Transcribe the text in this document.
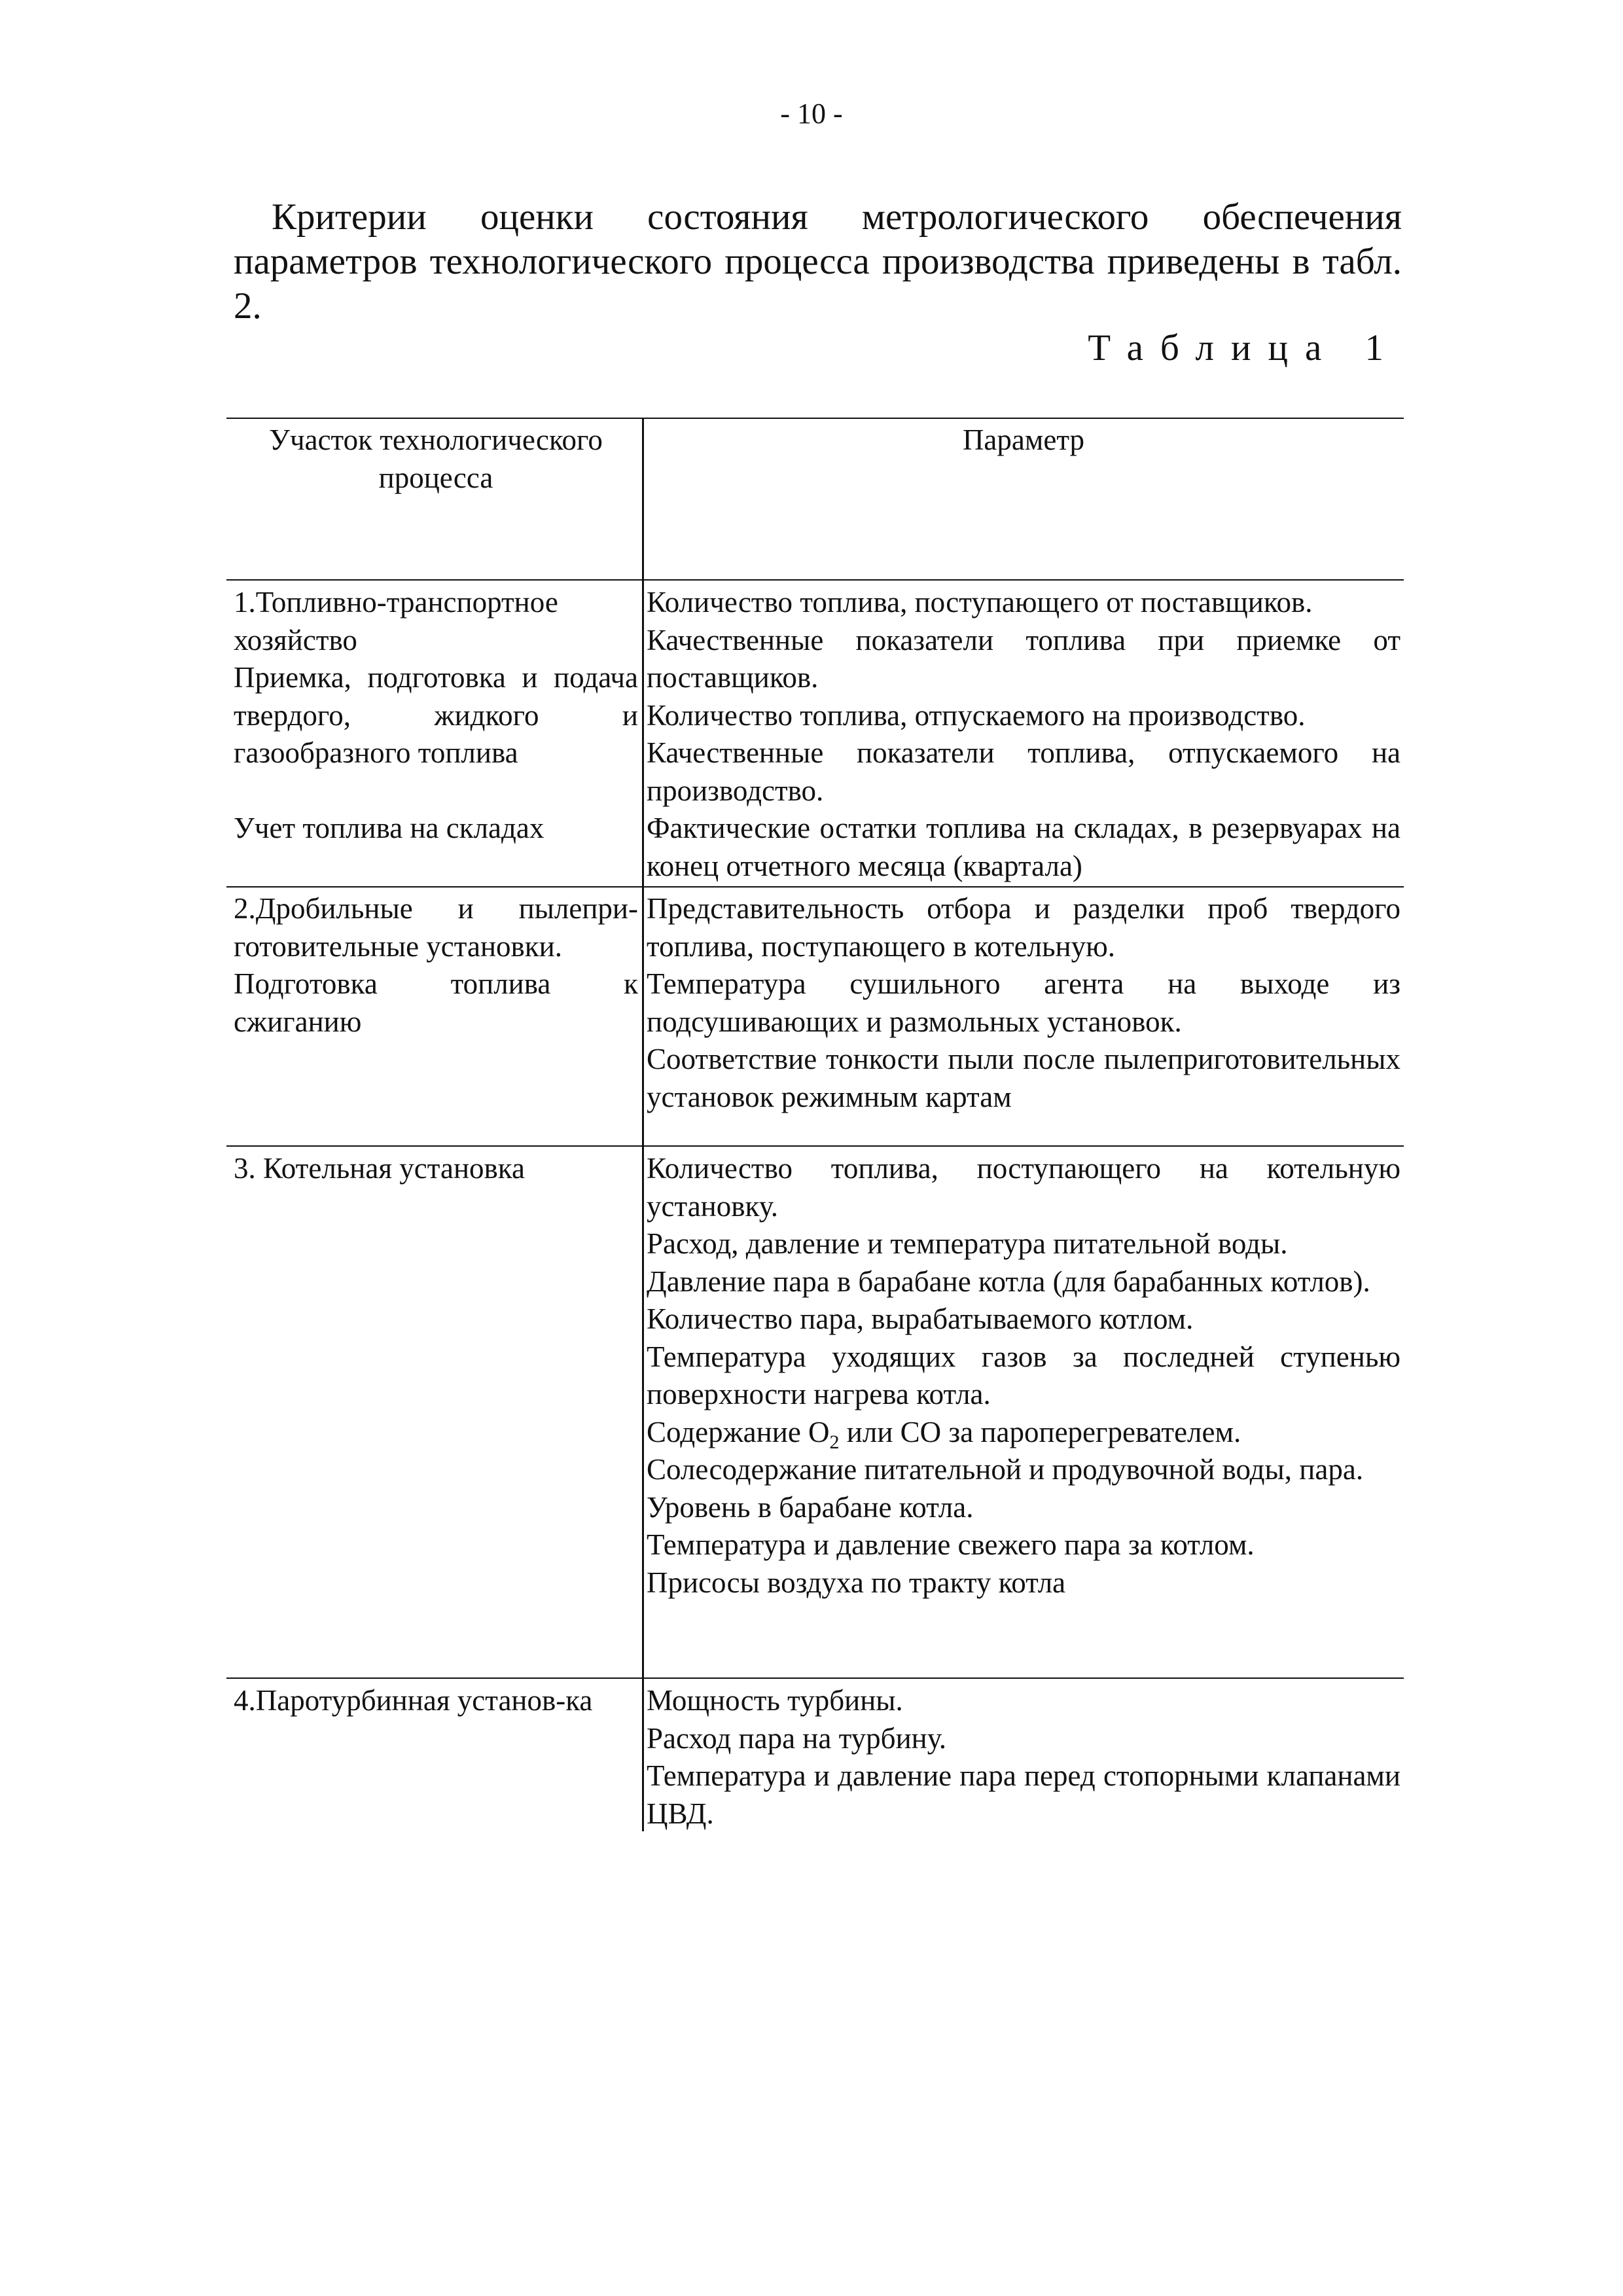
- 10 -

Критерии оценки состояния метрологического обеспечения параметров технологического процесса производства приведены в табл. 2.

Таблица 1
Участок технологического процесса
Параметр
1.Топливно-транспортное хозяйство
Приемка, подготовка и подача твердого, жидкого и газообразного топлива
Учет топлива на складах
Количество топлива, поступающего от поставщиков.
Качественные показатели топлива при приемке от поставщиков.
Количество топлива, отпускаемого на производство.
Качественные показатели топлива, отпускаемого на производство.
Фактические остатки топлива на складах, в резервуарах на конец отчетного месяца (квартала)
2.Дробильные и пылепри-готовительные установки.
Подготовка топлива к сжиганию
Представительность отбора и разделки проб твердого топлива, поступающего в котельную.
Температура сушильного агента на выходе из подсушивающих и размольных установок.
Соответствие тонкости пыли после пылеприготовительных установок режимным картам
3. Котельная установка	Количество топлива, поступающего на котельную установку.
Расход, давление и температура питательной воды.
Давление пара в барабане котла (для барабанных котлов).
Количество пара, вырабатываемого котлом.
Температура уходящих газов за последней ступенью поверхности нагрева котла.
Содержание $O_2$ или CO за пароперегревателем.
Солесодержание питательной и продувочной воды, пара.
Уровень в барабане котла.
Температура и давление свежего пара за котлом.
Присосы воздуха по тракту котла
4.Паротурбинная установ-ка	Мощность турбины.
Расход пара на турбину.
Температура и давление пара перед стопорными клапанами ЦВД.
